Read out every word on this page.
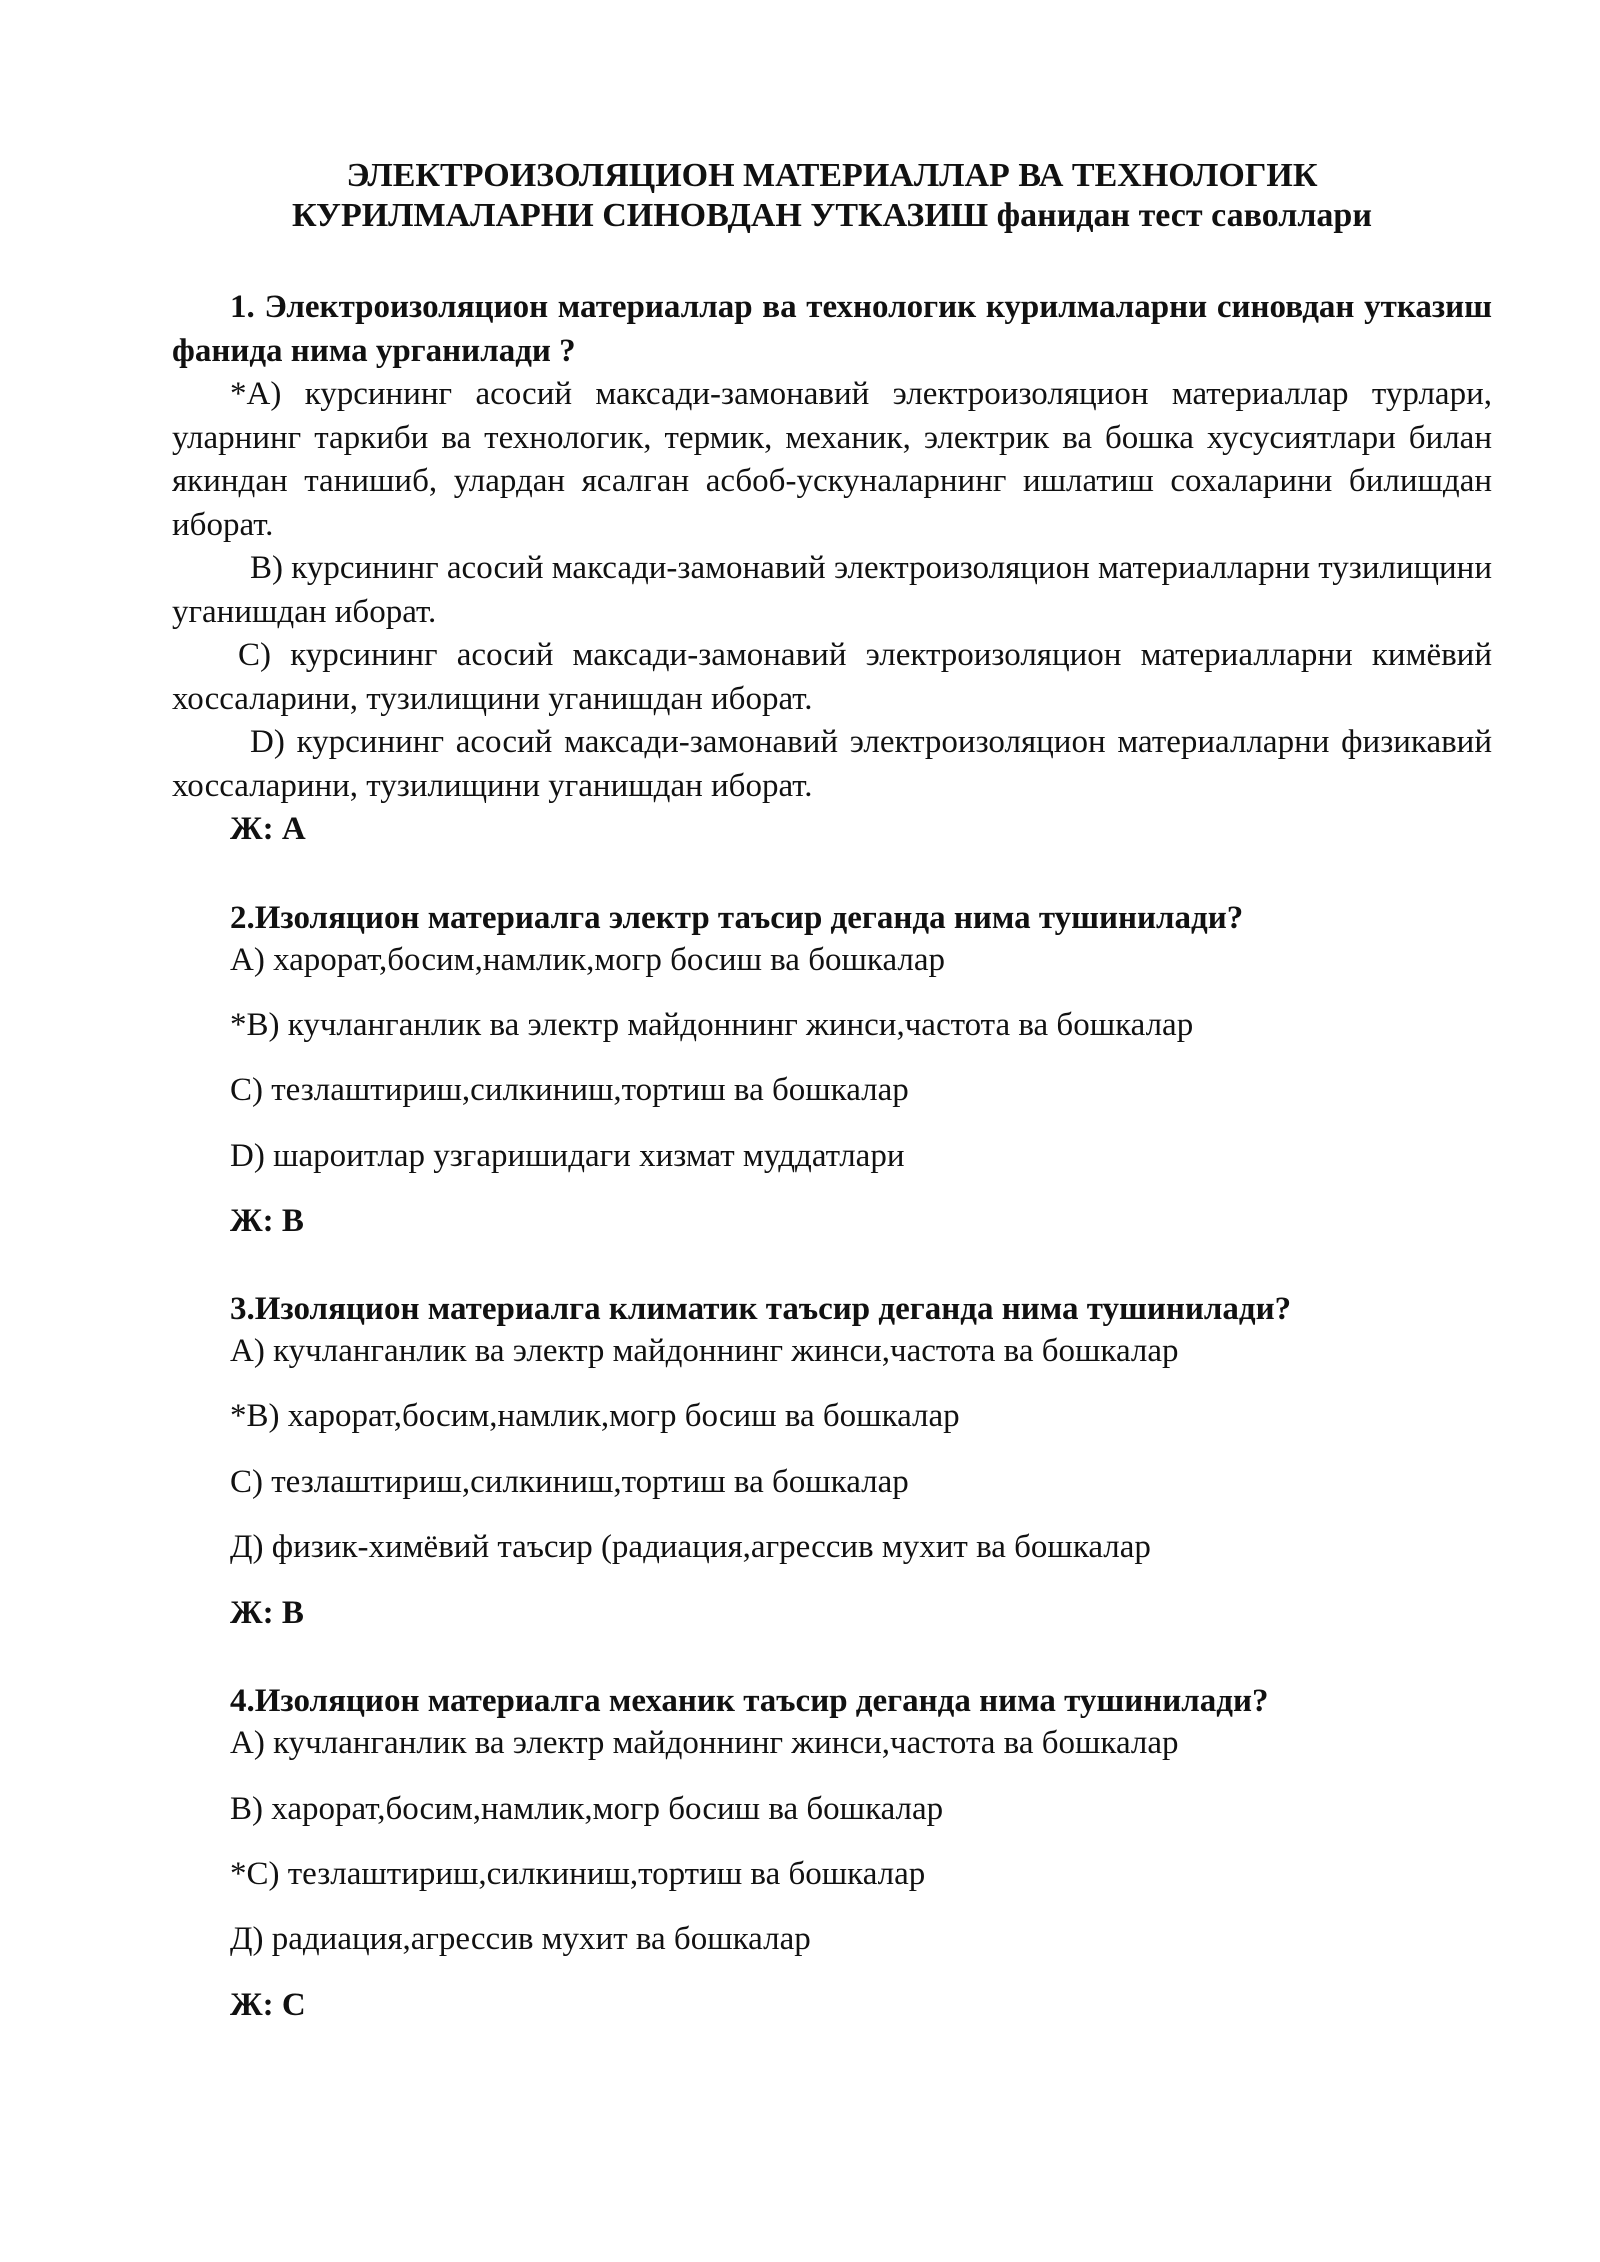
ЭЛЕКТРОИЗОЛЯЦИОН МАТЕРИАЛЛАР ВА ТЕХНОЛОГИК
КУРИЛМАЛАРНИ СИНОВДАН УТКАЗИШ фанидан тест саволлари

1. Электроизоляцион материаллар ва технологик курилмаларни синовдан утказиш фанида нима урганилади ?

*А) курсининг асосий максади-замонавий электроизоляцион материаллар турлари, уларнинг таркиби ва технологик, термик, механик, электрик ва бошка хусусиятлари билан якиндан танишиб, улардан ясалган асбоб-ускуналарнинг ишлатиш сохаларини билишдан иборат.

В) курсининг асосий максади-замонавий электроизоляцион материалларни тузилищини уганишдан иборат.

С) курсининг асосий максади-замонавий электроизоляцион материалларни кимёвий хоссаларини, тузилищини уганишдан иборат.

D) курсининг асосий максади-замонавий электроизоляцион материалларни физикавий хоссаларини, тузилищини уганишдан иборат.

Ж: А
2.Изоляцион материалга электр таъсир деганда нима тушинилади?
А) харорат,босим,намлик,могр босиш ва бошкалар
*В) кучланганлик ва электр майдоннинг жинси,частота ва бошкалар
С) тезлаштириш,силкиниш,тортиш ва бошкалар
D) шароитлар узгаришидаги хизмат муддатлари
Ж: В
3.Изоляцион материалга климатик таъсир деганда нима тушинилади?
А) кучланганлик ва электр майдоннинг жинси,частота ва бошкалар
*В) харорат,босим,намлик,могр босиш ва бошкалар
С) тезлаштириш,силкиниш,тортиш ва бошкалар
Д) физик-химёвий таъсир (радиация,агрессив мухит ва бошкалар
Ж: В
4.Изоляцион материалга механик таъсир деганда нима тушинилади?
А) кучланганлик ва электр майдоннинг жинси,частота ва бошкалар
В) харорат,босим,намлик,могр босиш ва бошкалар
*С) тезлаштириш,силкиниш,тортиш ва бошкалар
Д) радиация,агрессив мухит ва бошкалар
Ж: С
